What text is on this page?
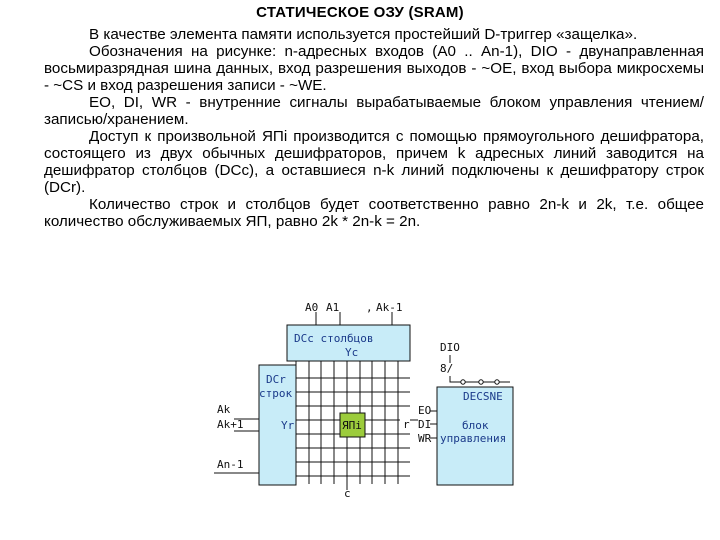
СТАТИЧЕСКОЕ ОЗУ (SRAM)

В качестве элемента памяти используется простейший D-триггер «защелка».

Обозначения на рисунке: n-адресных входов (А0 .. Аn-1), DIO - двунаправленная восьмиразрядная шина данных, вход разрешения выходов - ~OE, вход выбора микросхемы - ~CS и вход разрешения записи - ~WE.

EO, DI, WR - внутренние сигналы вырабатываемые блоком управления чтением/записью/хранением.

Доступ к произвольной ЯПi производится с помощью прямоугольного дешифратора, состоящего из двух обычных дешифраторов, причем k адресных линий заводится на дешифратор столбцов (DCc), а оставшиеся n-k линий подключены к дешифратору строк (DCr).

Количество строк и столбцов будет соответственно равно 2n-k и 2k, т.е. общее количество обслуживаемых ЯП, равно 2k * 2n-k = 2n.

A0 A1 , Ak-1
DCc столбцов
Yc
DCr
строк
Yr	ЯПi	r
c
Ak
Ak+1
An-1
DIO
8/
DECSNE
блок
управления
EO
DI
WR
